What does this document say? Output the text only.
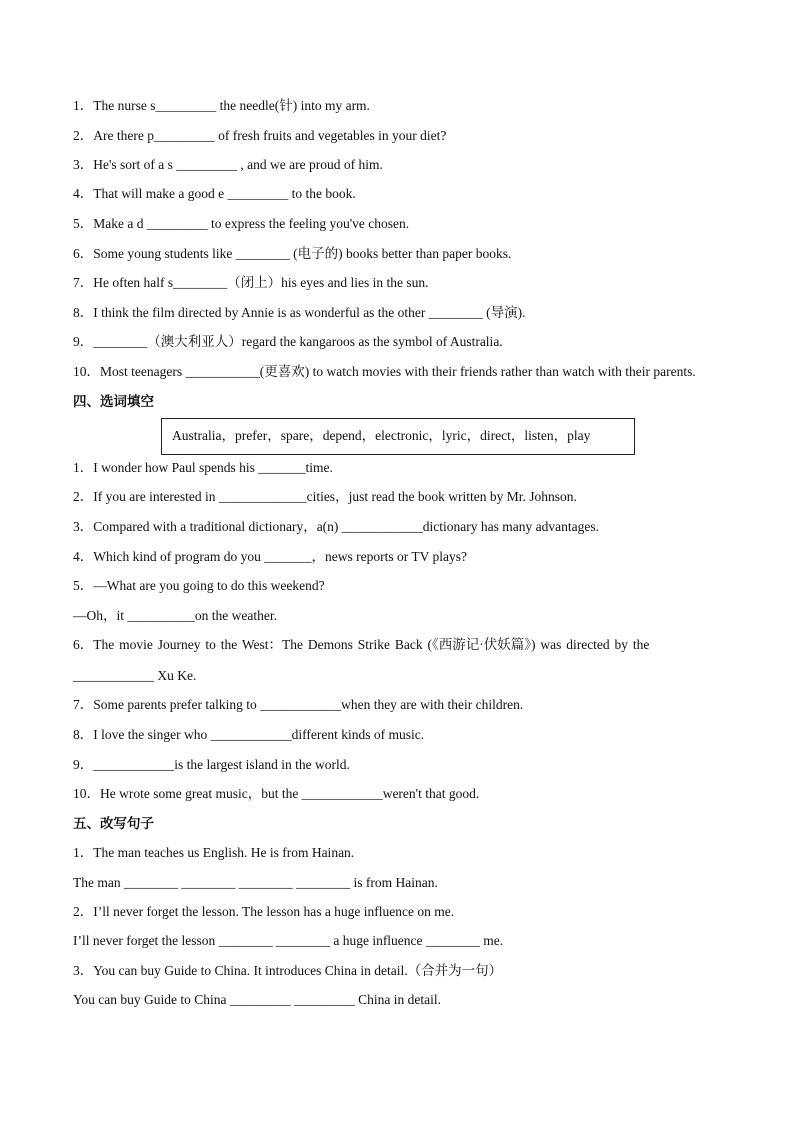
1．The nurse s_________ the needle(针) into my arm.
2．Are there p_________ of fresh fruits and vegetables in your diet?
3．He's sort of a s _________ , and we are proud of him.
4．That will make a good e _________ to the book.
5．Make a d _________ to express the feeling you've chosen.
6．Some young students like ________ (电子的) books better than paper books.
7．He often half s________（闭上）his eyes and lies in the sun.
8．I think the film directed by Annie is as wonderful as the other ________ (导演).
9．________（澳大利亚人）regard the kangaroos as the symbol of Australia.
10．Most teenagers ___________(更喜欢) to watch movies with their friends rather than watch with their parents.
四、选词填空
Australia，prefer，spare，depend，electronic，lyric，direct，listen，play
1．I wonder how Paul spends his _______time.
2．If you are interested in _____________cities，just read the book written by Mr. Johnson.
3．Compared with a traditional dictionary，a(n) ____________dictionary has many advantages.
4．Which kind of program do you _______，news reports or TV plays?
5．—What are you going to do this weekend?
—Oh，it __________on the weather.
6．The movie Journey to the West：The Demons Strike Back (《西游记·伏妖篇》) was directed by the
____________ Xu Ke.
7．Some parents prefer talking to ____________when they are with their children.
8．I love the singer who ____________different kinds of music.
9．____________is the largest island in the world.
10．He wrote some great music，but the ____________weren't that good.
五、改写句子
1．The man teaches us English. He is from Hainan.
The man ________ ________ ________ ________ is from Hainan.
2．I’ll never forget the lesson. The lesson has a huge influence on me.
I’ll never forget the lesson ________ ________ a huge influence ________ me.
3．You can buy Guide to China. It introduces China in detail.（合并为一句）
You can buy Guide to China _________ _________ China in detail.
